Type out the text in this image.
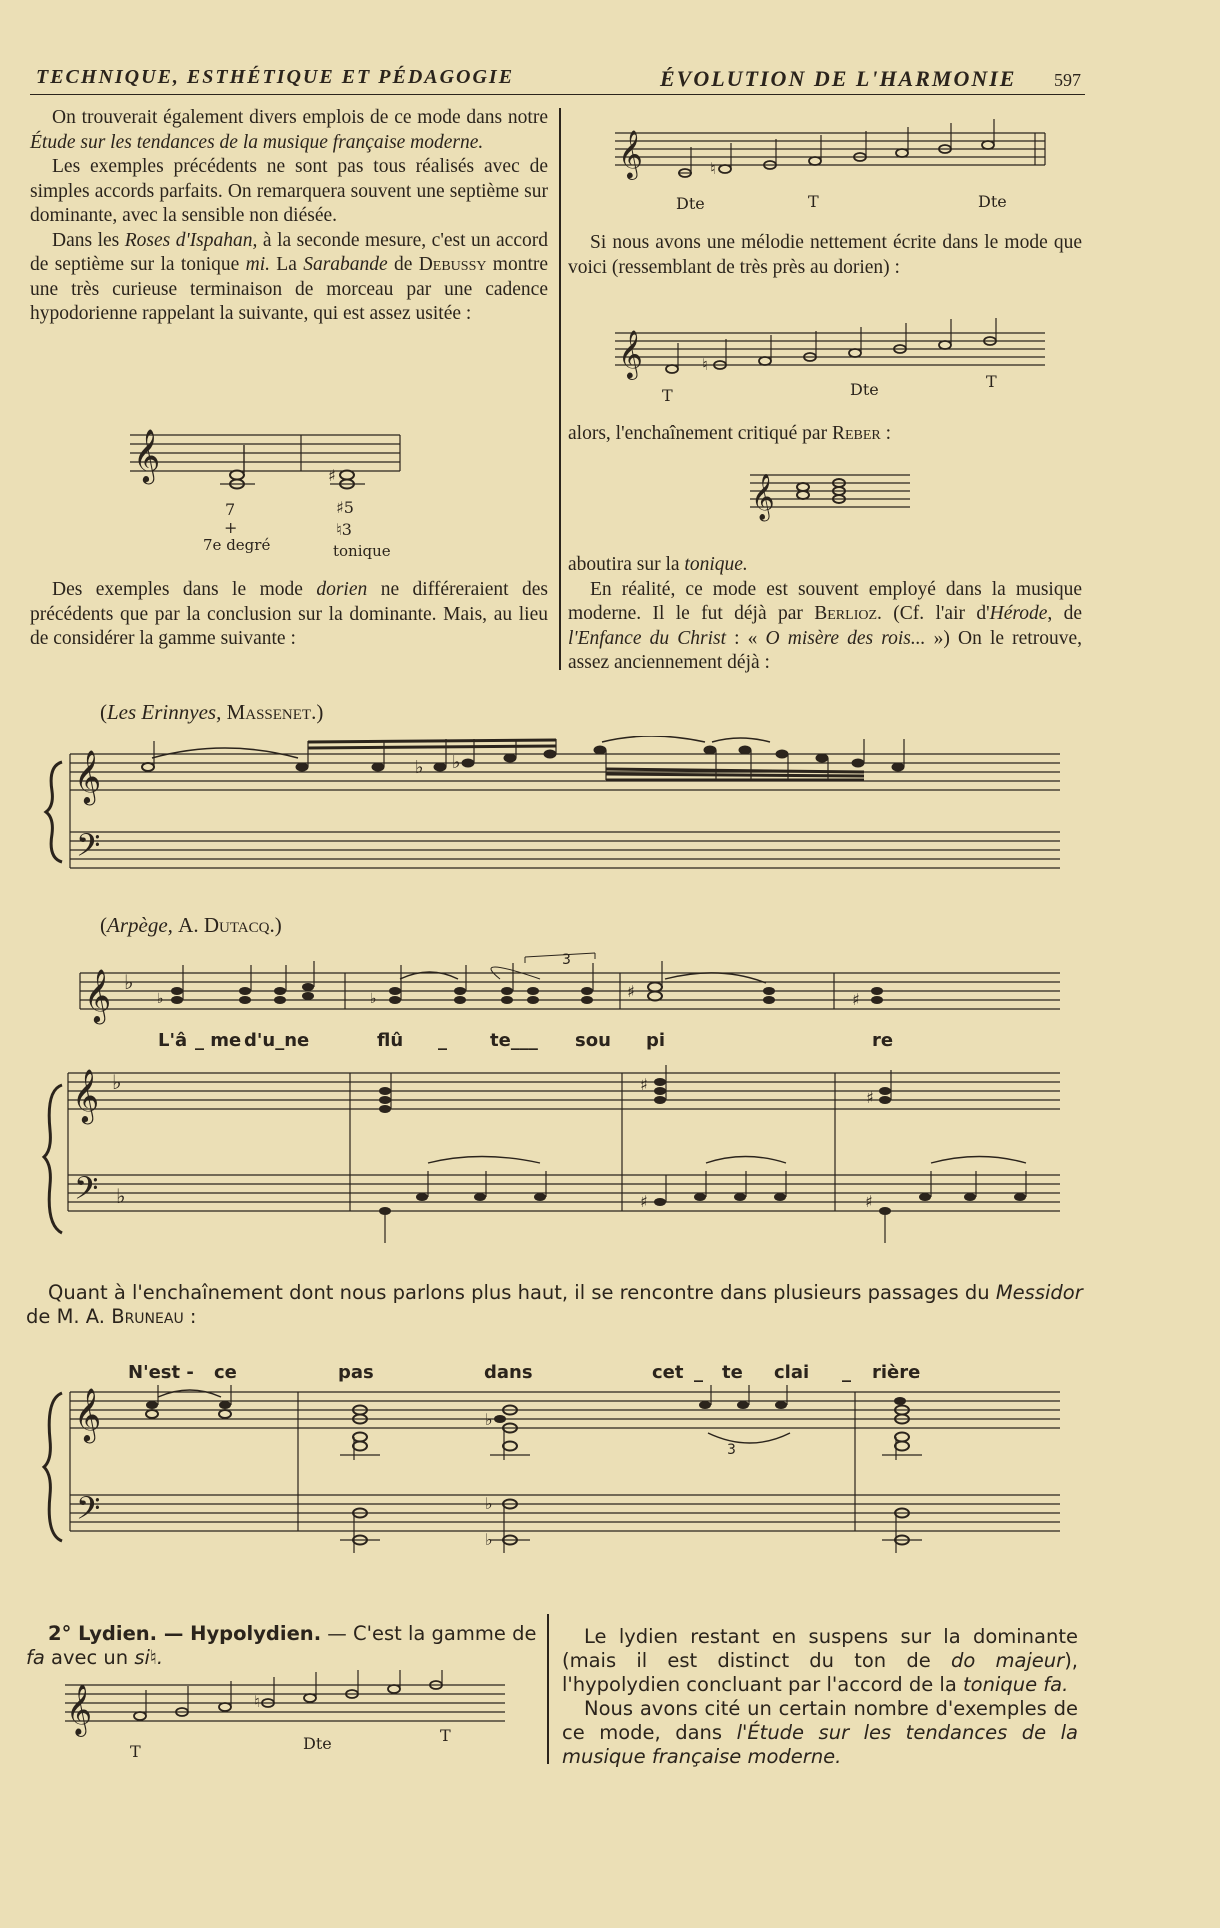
TECHNIQUE, ESTHÉTIQUE ET PÉDAGOGIE	ÉVOLUTION DE L'HARMONIE 597

On trouverait également divers emplois de ce mode dans notre Étude sur les tendances de la musique française moderne.

Les exemples précédents ne sont pas tous réalisés avec de simples accords parfaits. On remarquera souvent une septième sur dominante, avec la sensible non diésée.

Dans les Roses d'Ispahan, à la seconde mesure, c'est un accord de septième sur la tonique mi. La Sarabande de Debussy montre une très curieuse terminaison de morceau par une cadence hypodorienne rappelant la suivante, qui est assez usitée :

𝄞	♯
7
+
7e degré
♯5
♮3
tonique

Des exemples dans le mode dorien ne différeraient des précédents que par la conclusion sur la dominante. Mais, au lieu de considérer la gamme suivante :

𝄞	♮
Dte	T	Dte

Si nous avons une mélodie nettement écrite dans le mode que voici (ressemblant de très près au dorien) :

𝄞	♮
T	Dte	T

alors, l'enchaînement critiqué par Reber :

𝄞

aboutira sur la tonique.

En réalité, ce mode est souvent employé dans la musique moderne. Il le fut déjà par Berlioz. (Cf. l'air d'Hérode, de l'Enfance du Christ : « O misère des rois... ») On le retrouve, assez anciennement déjà :

(Les Erinnyes, Massenet.)
𝄞
𝄢
♭
♭
(Arpège, A. Dutacq.)
𝄞 ♭
♭	♭	♯	♯
𝄞 ♭
𝄢 ♭	♯	♯
♯
♯
3
L'â _ me d'u_ne	flû _ te___ sou pi	re
Quant à l'enchaînement dont nous parlons plus haut, il se rencontre dans plusieurs passages du Messidor de M. A. Bruneau :
N'est - ce	pas	dans	cet _ te clai _ rière
𝄞
𝄢
♭
♭
♭
3
2° Lydien. — Hypolydien. — C'est la gamme de fa avec un si♮.
𝄞	♮
T	Dte	T

Le lydien restant en suspens sur la dominante (mais il est distinct du ton de do majeur), l'hypolydien concluant par l'accord de la tonique fa.

Nous avons cité un certain nombre d'exemples de ce mode, dans l'Étude sur les tendances de la musique française moderne.
